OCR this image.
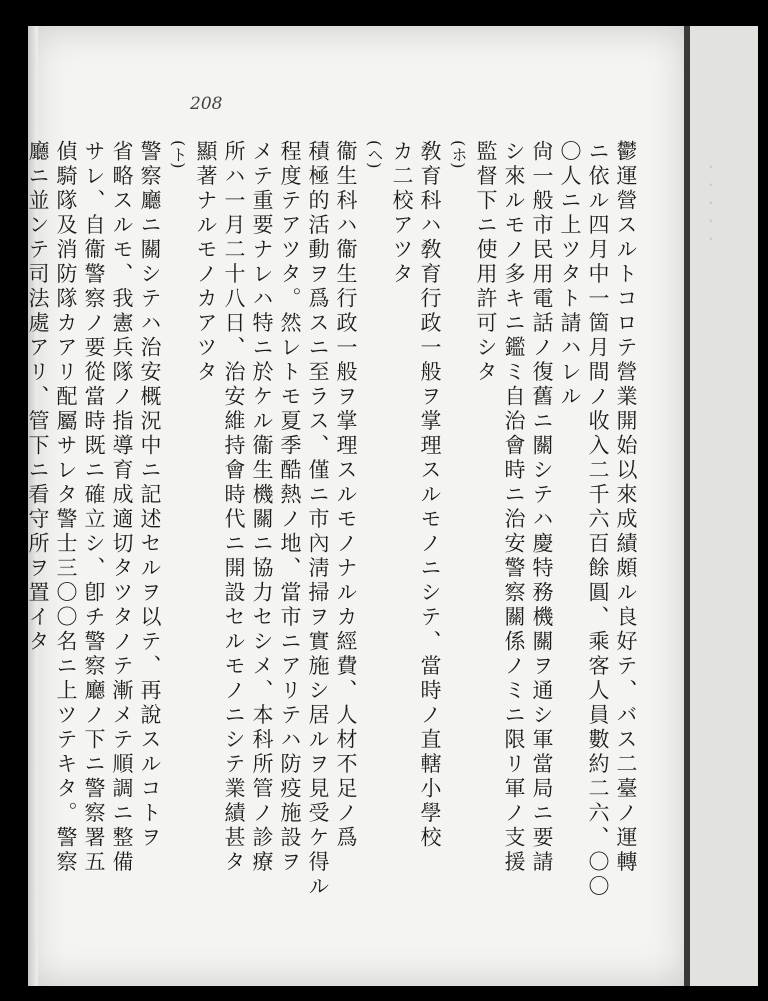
・・・・・
208

鬱運營スルトコロテ營業開始以來成績頗ル良好テ、バス二臺ノ運轉

ニ依ル四月中一箇月間ノ收入二千六百餘圓、乘客人員數約二六、〇〇

〇人ニ上ツタト請ハレル

尙一般市民用電話ノ復舊ニ關シテハ慶特務機關ヲ通シ軍當局ニ要請

シ來ルモノ多キニ鑑ミ自治會時ニ治安警察關係ノミニ限リ軍ノ支援

監督下ニ使用許可シタ

(ホ)

敎育科ハ敎育行政一般ヲ掌理スルモノニシテ、當時ノ直轄小學校

カ二校アツタ

(ヘ)

衞生科ハ衞生行政一般ヲ掌理スルモノナルカ經費、人材不足ノ爲

積極的活動ヲ爲スニ至ラス、僅ニ市內淸掃ヲ實施シ居ルヲ見受ケ得ル

程度テアツタ。然レトモ夏季酷熱ノ地、當市ニアリテハ防疫施設ヲ

メテ重要ナレハ特ニ於ケル衞生機關ニ協力セシメ、本科所管ノ診療

所ハ一月二十八日、治安維持會時代ニ開設セルモノニシテ業績甚タ

顯著ナルモノカアツタ

(ト)

警察廳ニ關シテハ治安概況中ニ記述セルヲ以テ、再說スルコトヲ

省略スルモ、我憲兵隊ノ指導育成適切タツタノテ漸メテ順調ニ整備

サレ、自衞警察ノ要從當時既ニ確立シ、卽チ警察廳ノ下ニ警察署五

偵騎隊及消防隊カアリ配屬サレタ警士三〇〇名ニ上ツテキタ。警察

廳ニ並ンテ司法處アリ、管下ニ看守所ヲ置イタ
